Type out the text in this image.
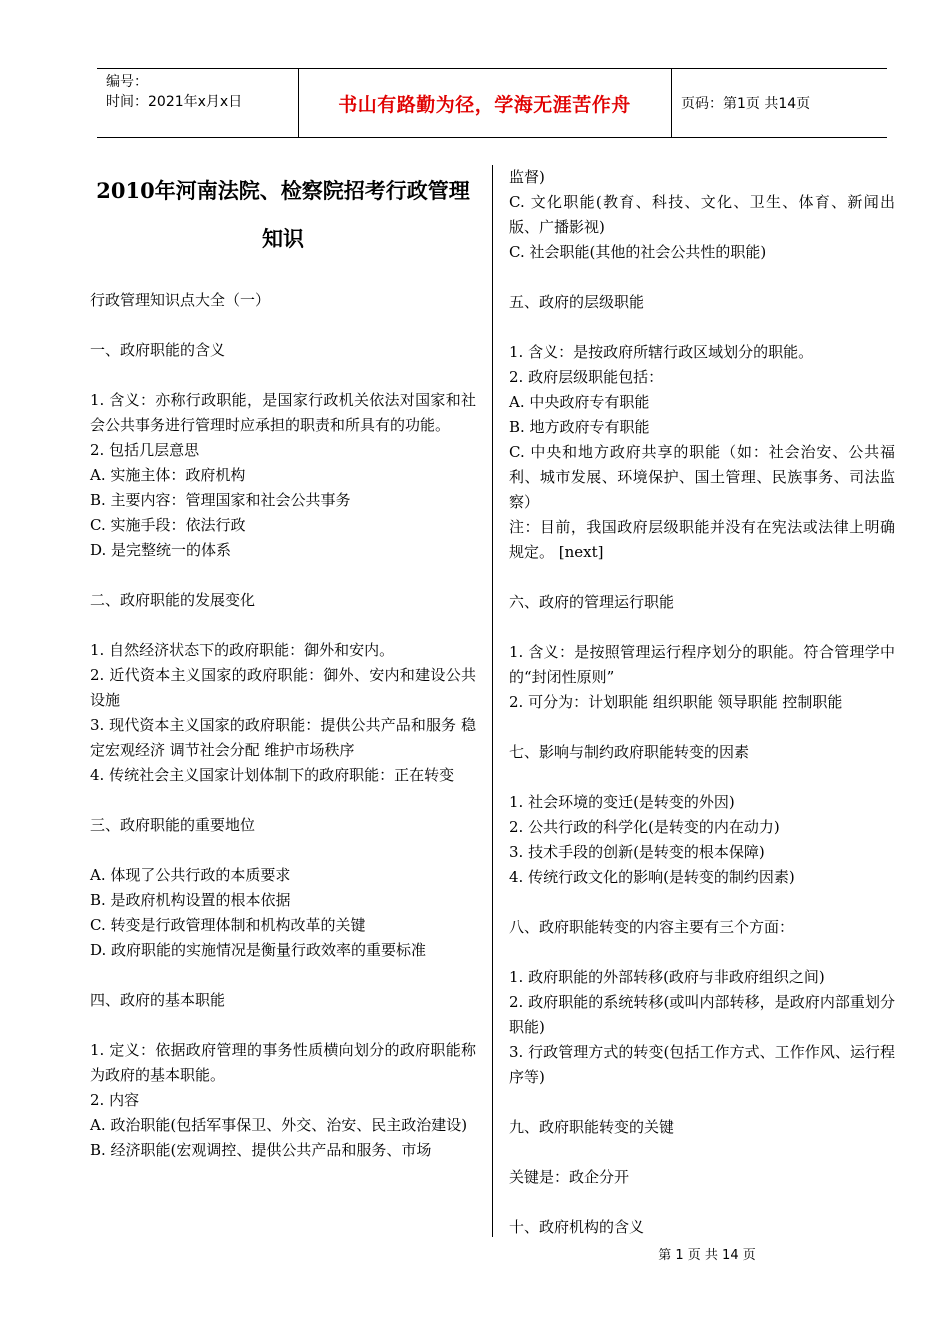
编号：
时间：2021年x月x日	书山有路勤为径，学海无涯苦作舟	页码：第1页 共14页
2010年河南法院、检察院招考行政管理
知识
行政管理知识点大全（一）
一、政府职能的含义
1. 含义：亦称行政职能，是国家行政机关依法对国家和社会公共事务进行管理时应承担的职责和所具有的功能。
2. 包括几层意思
A. 实施主体：政府机构
B. 主要内容：管理国家和社会公共事务
C. 实施手段：依法行政
D. 是完整统一的体系
二、政府职能的发展变化
1. 自然经济状态下的政府职能：御外和安内。
2. 近代资本主义国家的政府职能：御外、安内和建设公共设施
3. 现代资本主义国家的政府职能：提供公共产品和服务 稳定宏观经济 调节社会分配 维护市场秩序
4. 传统社会主义国家计划体制下的政府职能：正在转变
三、政府职能的重要地位
A. 体现了公共行政的本质要求
B. 是政府机构设置的根本依据
C. 转变是行政管理体制和机构改革的关键
D. 政府职能的实施情况是衡量行政效率的重要标准
四、政府的基本职能
1. 定义：依据政府管理的事务性质横向划分的政府职能称为政府的基本职能。
2. 内容
A. 政治职能(包括军事保卫、外交、治安、民主政治建设)
B. 经济职能(宏观调控、提供公共产品和服务、市场
监督)
C. 文化职能(教育、科技、文化、卫生、体育、新闻出版、广播影视)
C. 社会职能(其他的社会公共性的职能)
五、政府的层级职能
1. 含义：是按政府所辖行政区域划分的职能。
2. 政府层级职能包括：
A. 中央政府专有职能
B. 地方政府专有职能
C. 中央和地方政府共享的职能（如：社会治安、公共福利、城市发展、环境保护、国土管理、民族事务、司法监察）
注：目前，我国政府层级职能并没有在宪法或法律上明确规定。 [next]
六、政府的管理运行职能
1. 含义：是按照管理运行程序划分的职能。符合管理学中的“封闭性原则”
2. 可分为：计划职能 组织职能 领导职能 控制职能
七、影响与制约政府职能转变的因素
1. 社会环境的变迁(是转变的外因)
2. 公共行政的科学化(是转变的内在动力)
3. 技术手段的创新(是转变的根本保障)
4. 传统行政文化的影响(是转变的制约因素)
八、政府职能转变的内容主要有三个方面：
1. 政府职能的外部转移(政府与非政府组织之间)
2. 政府职能的系统转移(或叫内部转移，是政府内部重划分职能)
3. 行政管理方式的转变(包括工作方式、工作作风、运行程序等)
九、政府职能转变的关键
关键是：政企分开
十、政府机构的含义
第 1 页 共 14 页
